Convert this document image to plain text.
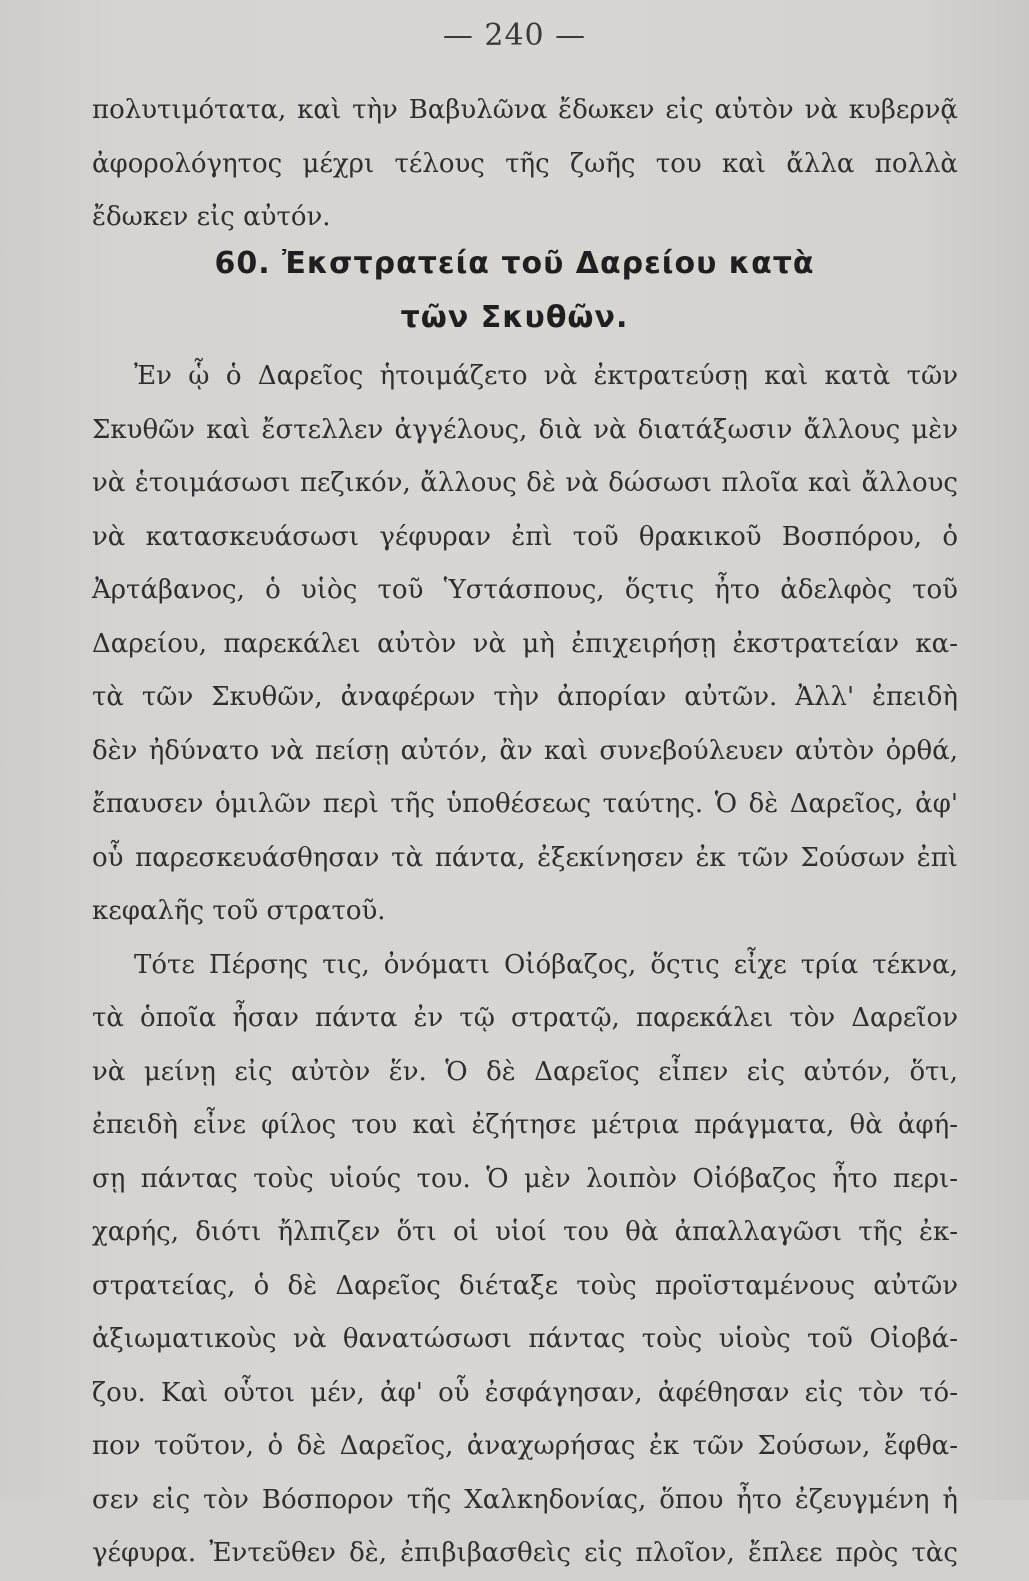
— 240 —
πολυτιμότατα, καὶ τὴν Βαβυλῶνα ἔδωκεν εἰς αὐτὸν νὰ κυβερνᾷ
ἀφορολόγητος μέχρι τέλους τῆς ζωῆς του καὶ ἄλλα πολλὰ
ἔδωκεν εἰς αὐτόν.
60. Ἐκστρατεία τοῦ Δαρείου κατὰ
τῶν Σκυθῶν.
Ἐν ᾧ ὁ Δαρεῖος ἡτοιμάζετο νὰ ἐκτρατεύσῃ καὶ κατὰ τῶν
Σκυθῶν καὶ ἔστελλεν ἀγγέλους, διὰ νὰ διατάξωσιν ἄλλους μὲν
νὰ ἑτοιμάσωσι πεζικόν, ἄλλους δὲ νὰ δώσωσι πλοῖα καὶ ἄλλους
νὰ κατασκευάσωσι γέφυραν ἐπὶ τοῦ θρακικοῦ Βοσπόρου, ὁ
Ἀρτάβανος, ὁ υἱὸς τοῦ Ὑστάσπους, ὅςτις ἦτο ἀδελφὸς τοῦ
Δαρείου, παρεκάλει αὐτὸν νὰ μὴ ἐπιχειρήσῃ ἐκστρατείαν κα-
τὰ τῶν Σκυθῶν, ἀναφέρων τὴν ἀπορίαν αὐτῶν. Ἀλλ' ἐπειδὴ
δὲν ἠδύνατο νὰ πείσῃ αὐτόν, ἂν καὶ συνεβούλευεν αὐτὸν ὀρθά,
ἔπαυσεν ὁμιλῶν περὶ τῆς ὑποθέσεως ταύτης. Ὁ δὲ Δαρεῖος, ἀφ'
οὗ παρεσκευάσθησαν τὰ πάντα, ἐξεκίνησεν ἐκ τῶν Σούσων ἐπὶ
κεφαλῆς τοῦ στρατοῦ.
Τότε Πέρσης τις, ὀνόματι Οἰόβαζος, ὅςτις εἶχε τρία τέκνα,
τὰ ὁποῖα ἦσαν πάντα ἐν τῷ στρατῷ, παρεκάλει τὸν Δαρεῖον
νὰ μείνῃ εἰς αὐτὸν ἕν. Ὁ δὲ Δαρεῖος εἶπεν εἰς αὐτόν, ὅτι,
ἐπειδὴ εἶνε φίλος του καὶ ἐζήτησε μέτρια πράγματα, θὰ ἀφή-
σῃ πάντας τοὺς υἱούς του. Ὁ μὲν λοιπὸν Οἰόβαζος ἦτο περι-
χαρής, διότι ἤλπιζεν ὅτι οἱ υἱοί του θὰ ἀπαλλαγῶσι τῆς ἐκ-
στρατείας, ὁ δὲ Δαρεῖος διέταξε τοὺς προϊσταμένους αὐτῶν
ἀξιωματικοὺς νὰ θανατώσωσι πάντας τοὺς υἱοὺς τοῦ Οἰοβά-
ζου. Καὶ οὗτοι μέν, ἀφ' οὗ ἐσφάγησαν, ἀφέθησαν εἰς τὸν τό-
πον τοῦτον, ὁ δὲ Δαρεῖος, ἀναχωρήσας ἐκ τῶν Σούσων, ἔφθα-
σεν εἰς τὸν Βόσπορον τῆς Χαλκηδονίας, ὅπου ἦτο ἐζευγμένη ἡ
γέφυρα. Ἐντεῦθεν δὲ, ἐπιβιβασθεὶς εἰς πλοῖον, ἔπλεε πρὸς τὰς
